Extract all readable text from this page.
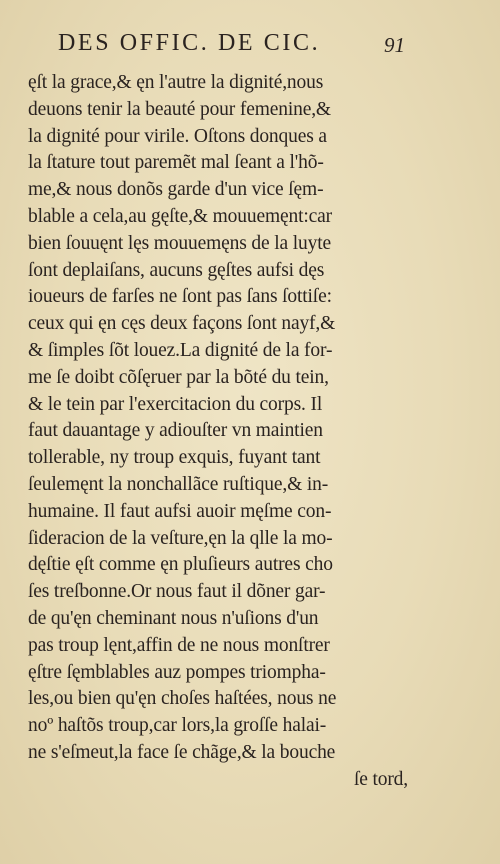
DES OFFIC. DE CIC.	91
ęſt la grace,& ęn l'autre la dignité,nous
deuons tenir la beauté pour femenine,&
la dignité pour virile. Oſtons donques a
la ſtature tout paremẽt mal ſeant a l'hõ-
me,& nous donõs garde d'un vice ſęm-
blable a cela,au gęſte,& mouuemęnt:car
bien ſouuęnt lęs mouuemęns de la luyte
ſont deplaiſans, aucuns gęſtes aufsi dęs
ioueurs de farſes ne ſont pas ſans ſottiſe:
ceux qui ęn cęs deux façons ſont nayf,&
& ſimples ſõt louez.La dignité de la for-
me ſe doibt cõſęruer par la bõté du tein,
& le tein par l'exercitacion du corps. Il
faut dauantage y adiouſter vn maintien
tollerable, ny troup exquis, fuyant tant
ſeulemęnt la nonchallãce ruſtique,& in-
humaine. Il faut aufsi auoir męſme con-
ſideracion de la veſture,ęn la qlle la mo-
dęſtie ęſt comme ęn pluſieurs autres cho
ſes treſbonne.Or nous faut il dõner gar-
de qu'ęn cheminant nous n'uſions d'un
pas troup lęnt,affin de ne nous monſtrer
ęſtre ſęmblables auz pompes triompha-
les,ou bien qu'ęn choſes haſtées, nous ne
noº haſtõs troup,car lors,la groſſe halai-
ne s'eſmeut,la face ſe chãge,& la bouche
ſe tord,
